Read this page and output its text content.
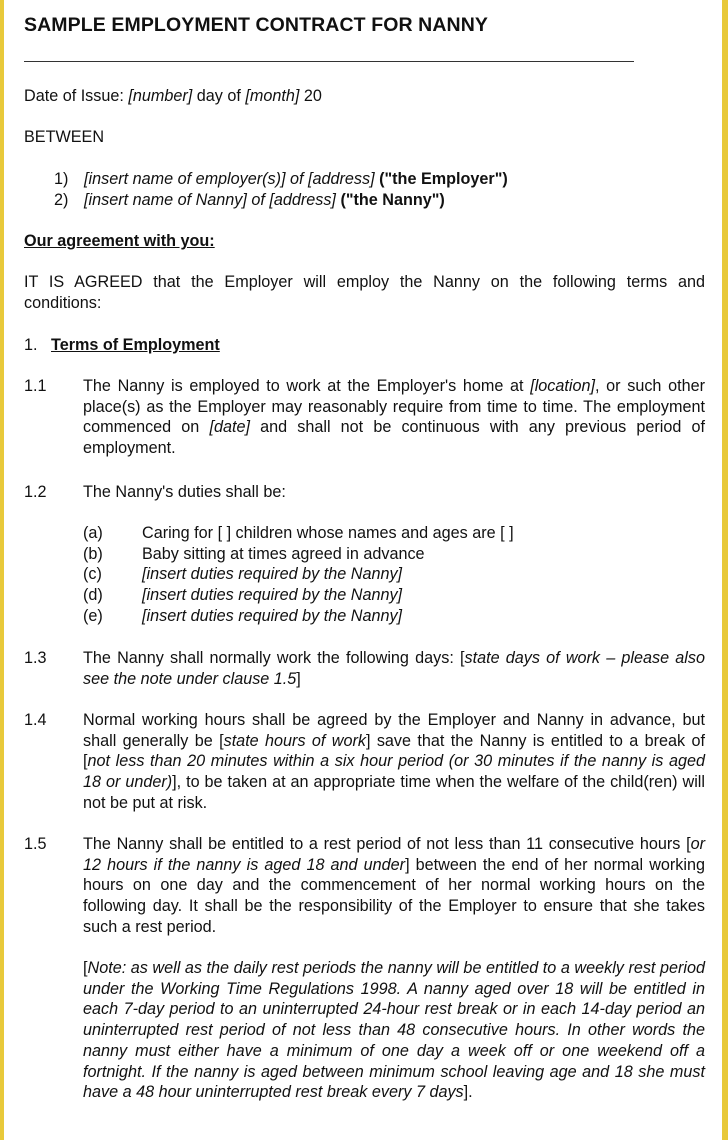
SAMPLE EMPLOYMENT CONTRACT FOR NANNY
Date of Issue: [number] day of [month] 20
BETWEEN
1) [insert name of employer(s)] of [address] ("the Employer")
2) [insert name of Nanny] of [address] ("the Nanny")
Our agreement with you:
IT IS AGREED that the Employer will employ the Nanny on the following terms and
conditions:
1. Terms of Employment
1.1 The Nanny is employed to work at the Employer's home at [location], or such other place(s) as the Employer may reasonably require from time to time. The employment commenced on [date] and shall not be continuous with any previous period of employment.
1.2 The Nanny's duties shall be:
(a) Caring for [ ] children whose names and ages are [ ]
(b) Baby sitting at times agreed in advance
(c) [insert duties required by the Nanny]
(d) [insert duties required by the Nanny]
(e) [insert duties required by the Nanny]
1.3 The Nanny shall normally work the following days: [state days of work – please also see the note under clause 1.5]
1.4 Normal working hours shall be agreed by the Employer and Nanny in advance, but shall generally be [state hours of work] save that the Nanny is entitled to a break of [not less than 20 minutes within a six hour period (or 30 minutes if the nanny is aged 18 or under)], to be taken at an appropriate time when the welfare of the child(ren) will not be put at risk.
1.5 The Nanny shall be entitled to a rest period of not less than 11 consecutive hours [or 12 hours if the nanny is aged 18 and under] between the end of her normal working hours on one day and the commencement of her normal working hours on the following day. It shall be the responsibility of the Employer to ensure that she takes such a rest period.
[Note: as well as the daily rest periods the nanny will be entitled to a weekly rest period under the Working Time Regulations 1998. A nanny aged over 18 will be entitled in each 7-day period to an uninterrupted 24-hour rest break or in each 14-day period an uninterrupted rest period of not less than 48 consecutive hours. In other words the nanny must either have a minimum of one day a week off or one weekend off a fortnight. If the nanny is aged between minimum school leaving age and 18 she must have a 48 hour uninterrupted rest break every 7 days].
